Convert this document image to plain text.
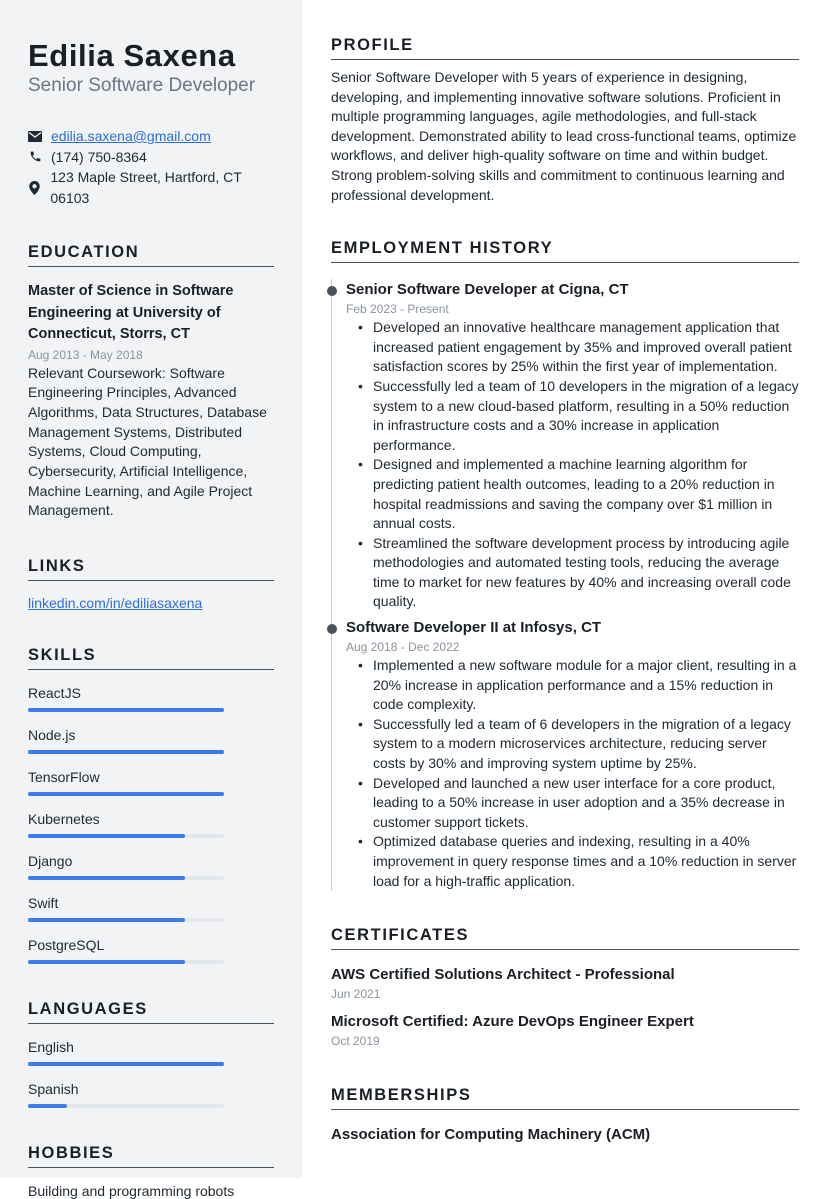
Edilia Saxena
Senior Software Developer
edilia.saxena@gmail.com
(174) 750-8364
123 Maple Street, Hartford, CT 06103
EDUCATION
Master of Science in Software Engineering at University of Connecticut, Storrs, CT
Aug 2013 - May 2018
Relevant Coursework: Software Engineering Principles, Advanced Algorithms, Data Structures, Database Management Systems, Distributed Systems, Cloud Computing, Cybersecurity, Artificial Intelligence, Machine Learning, and Agile Project Management.
LINKS
linkedin.com/in/ediliasaxena
SKILLS
ReactJS
Node.js
TensorFlow
Kubernetes
Django
Swift
PostgreSQL
LANGUAGES
English
Spanish
HOBBIES
Building and programming robots
PROFILE
Senior Software Developer with 5 years of experience in designing, developing, and implementing innovative software solutions. Proficient in multiple programming languages, agile methodologies, and full-stack development. Demonstrated ability to lead cross-functional teams, optimize workflows, and deliver high-quality software on time and within budget. Strong problem-solving skills and commitment to continuous learning and professional development.
EMPLOYMENT HISTORY
Senior Software Developer at Cigna, CT
Feb 2023 - Present
• Developed an innovative healthcare management application that increased patient engagement by 35% and improved overall patient satisfaction scores by 25% within the first year of implementation.
• Successfully led a team of 10 developers in the migration of a legacy system to a new cloud-based platform, resulting in a 50% reduction in infrastructure costs and a 30% increase in application performance.
• Designed and implemented a machine learning algorithm for predicting patient health outcomes, leading to a 20% reduction in hospital readmissions and saving the company over $1 million in annual costs.
• Streamlined the software development process by introducing agile methodologies and automated testing tools, reducing the average time to market for new features by 40% and increasing overall code quality.
Software Developer II at Infosys, CT
Aug 2018 - Dec 2022
• Implemented a new software module for a major client, resulting in a 20% increase in application performance and a 15% reduction in code complexity.
• Successfully led a team of 6 developers in the migration of a legacy system to a modern microservices architecture, reducing server costs by 30% and improving system uptime by 25%.
• Developed and launched a new user interface for a core product, leading to a 50% increase in user adoption and a 35% decrease in customer support tickets.
• Optimized database queries and indexing, resulting in a 40% improvement in query response times and a 10% reduction in server load for a high-traffic application.
CERTIFICATES
AWS Certified Solutions Architect - Professional
Jun 2021
Microsoft Certified: Azure DevOps Engineer Expert
Oct 2019
MEMBERSHIPS
Association for Computing Machinery (ACM)
